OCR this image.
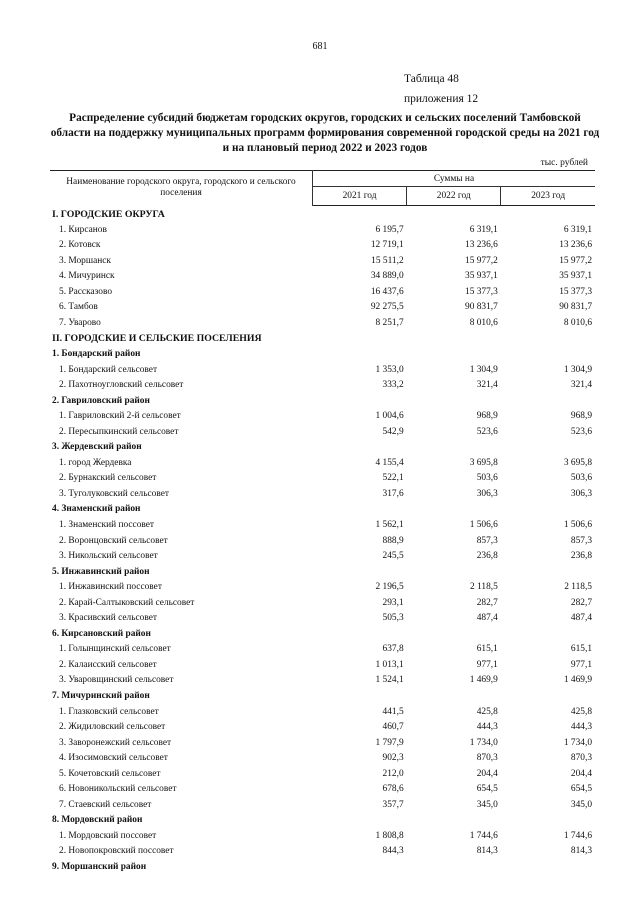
681
Таблица 48
приложения 12
Распределение субсидий бюджетам городских округов, городских и сельских поселений Тамбовской области на поддержку муниципальных программ формирования современной городской среды на 2021 год и на плановый период 2022 и 2023 годов
тыс. рублей
Наименование городского округа, городского и сельского поселения	Суммы на		
	2021 год	2022 год	2023 год
I. ГОРОДСКИЕ ОКРУГА			
1. Кирсанов	6 195,7	6 319,1	6 319,1
2. Котовск	12 719,1	13 236,6	13 236,6
3. Моршанск	15 511,2	15 977,2	15 977,2
4. Мичуринск	34 889,0	35 937,1	35 937,1
5. Рассказово	16 437,6	15 377,3	15 377,3
6. Тамбов	92 275,5	90 831,7	90 831,7
7. Уварово	8 251,7	8 010,6	8 010,6
II. ГОРОДСКИЕ И СЕЛЬСКИЕ ПОСЕЛЕНИЯ			
1. Бондарский район			
1. Бондарский сельсовет	1 353,0	1 304,9	1 304,9
2. Пахотноугловский сельсовет	333,2	321,4	321,4
2. Гавриловский район			
1. Гавриловский 2-й сельсовет	1 004,6	968,9	968,9
2. Пересыпкинский сельсовет	542,9	523,6	523,6
3. Жердевский район			
1. город Жердевка	4 155,4	3 695,8	3 695,8
2. Бурнакский сельсовет	522,1	503,6	503,6
3. Туголуковский сельсовет	317,6	306,3	306,3
4. Знаменский район			
1. Знаменский поссовет	1 562,1	1 506,6	1 506,6
2. Воронцовский сельсовет	888,9	857,3	857,3
3. Никольский сельсовет	245,5	236,8	236,8
5. Инжавинский район			
1. Инжавинский поссовет	2 196,5	2 118,5	2 118,5
2. Карай-Салтыковский сельсовет	293,1	282,7	282,7
3. Красивский сельсовет	505,3	487,4	487,4
6. Кирсановский район			
1. Голынщинский сельсовет	637,8	615,1	615,1
2. Калаисский сельсовет	1 013,1	977,1	977,1
3. Уваровщинский сельсовет	1 524,1	1 469,9	1 469,9
7. Мичуринский район			
1. Глазковский сельсовет	441,5	425,8	425,8
2. Жидиловский сельсовет	460,7	444,3	444,3
3. Заворонежский сельсовет	1 797,9	1 734,0	1 734,0
4. Изосимовский сельсовет	902,3	870,3	870,3
5. Кочетовский сельсовет	212,0	204,4	204,4
6. Новоникольский сельсовет	678,6	654,5	654,5
7. Стаевский сельсовет	357,7	345,0	345,0
8. Мордовский район			
1. Мордовский поссовет	1 808,8	1 744,6	1 744,6
2. Новопокровский поссовет	844,3	814,3	814,3
9. Моршанский район			
